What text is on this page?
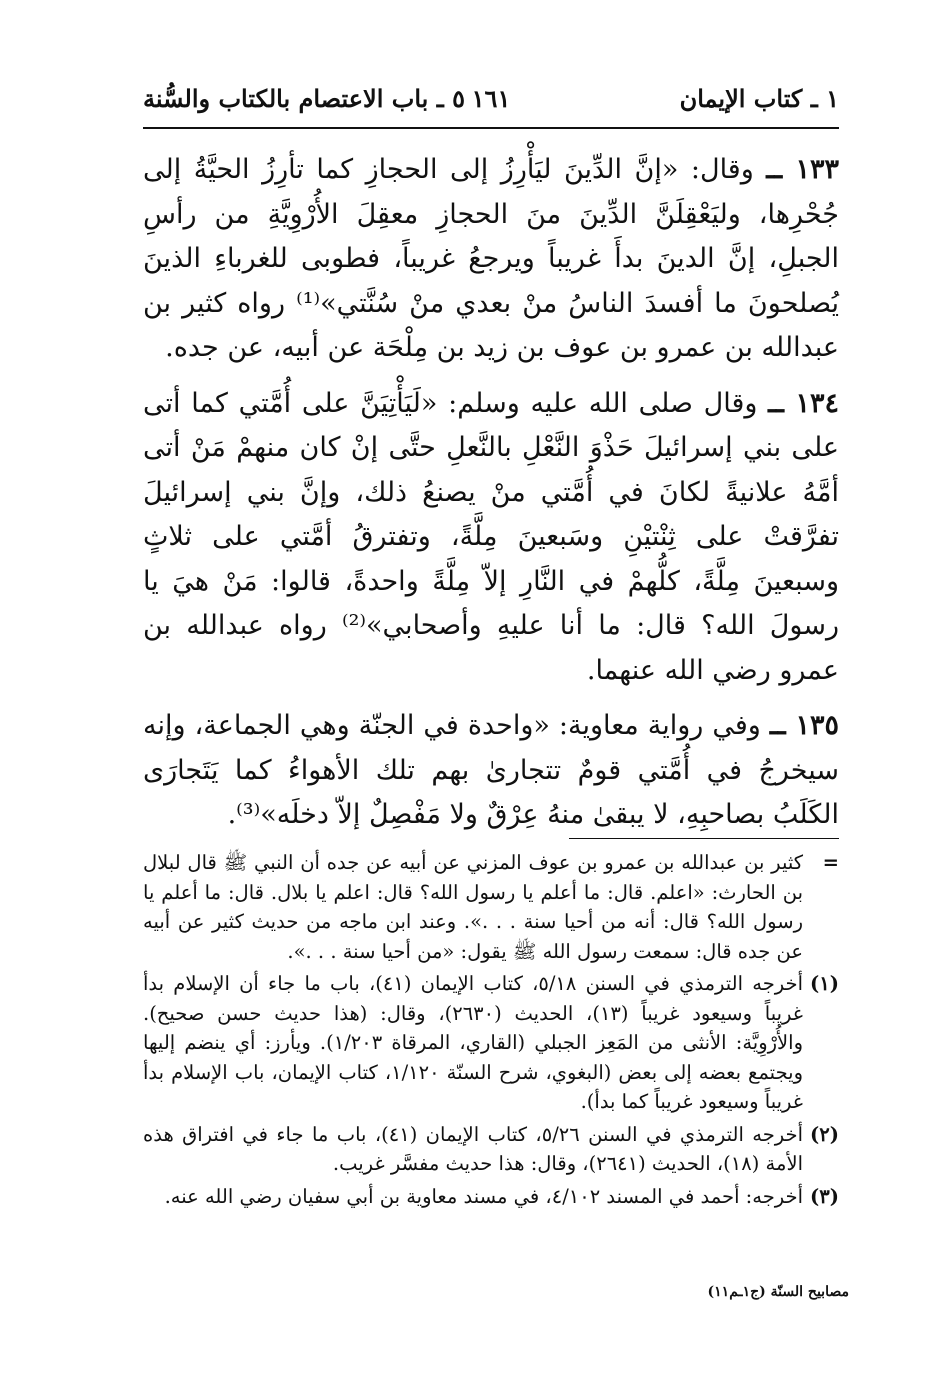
١ ـ كتاب الإيمان
١٦١
٥ ـ باب الاعتصام بالكتاب والسُّنة

١٣٣ ــ وقال: «إنَّ الدِّينَ ليَأْرِزُ إلى الحجازِ كما تأرِزُ الحيَّةُ إلى جُحْرِها، وليَعْقِلَنَّ الدِّينَ منَ الحجازِ معقِلَ الأُرْوِيَّةِ من رأسِ الجبلِ، إنَّ الدينَ بدأَ غريباً ويرجعُ غريباً، فطوبى للغرباءِ الذينَ يُصلحونَ ما أفسدَ الناسُ منْ بعدي منْ سُنَّتي»⁽¹⁾ رواه كثير بن عبدالله بن عمرو بن عوف بن زيد بن مِلْحَة عن أبيه، عن جده.

١٣٤ ــ وقال صلى الله عليه وسلم: «لَيَأْتِيَنَّ على أُمَّتي كما أتى على بني إسرائيلَ حَذْوَ النَّعْلِ بالنَّعلِ حتَّى إنْ كان منهمْ مَنْ أتى أمَّهُ علانيةً لكانَ في أُمَّتي منْ يصنعُ ذلك، وإنَّ بني إسرائيلَ تفرَّقتْ على ثِنْتيْنِ وسَبعينَ مِلَّةً، وتفترقُ أمَّتي على ثلاثٍ وسبعينَ مِلَّةً، كلُّهمْ في النَّارِ إلاّ مِلَّةً واحدةً، قالوا: مَنْ هيَ يا رسولَ الله؟ قال: ما أنا عليهِ وأصحابي»⁽²⁾ رواه عبدالله بن عمرو رضي الله عنهما.

١٣٥ ــ وفي رواية معاوية: «واحدة في الجنّة وهي الجماعة، وإنه سيخرجُ في أُمَّتي قومٌ تتجارىٰ بهم تلك الأهواءُ كما يَتَجارَى الكَلَبُ بصاحبِهِ، لا يبقىٰ منهُ عِرْقٌ ولا مَفْصِلٌ إلاّ دخلَه»⁽³⁾.

=
كثير بن عبدالله بن عمرو بن عوف المزني عن أبيه عن جده أن النبي ﷺ قال لبلال بن الحارث: «اعلم. قال: ما أعلم يا رسول الله؟ قال: اعلم يا بلال. قال: ما أعلم يا رسول الله؟ قال: أنه من أحيا سنة . . .». وعند ابن ماجه من حديث كثير عن أبيه عن جده قال: سمعت رسول الله ﷺ يقول: «من أحيا سنة . . .».
(١)
أخرجه الترمذي في السنن ٥/١٨، كتاب الإيمان (٤١)، باب ما جاء أن الإسلام بدأ غريباً وسيعود غريباً (١٣)، الحديث (٢٦٣٠)، وقال: (هذا حديث حسن صحيح). والأُرْوِيَّة: الأنثى من المَعِز الجبلي (القاري، المرقاة ١/٢٠٣). ويأرز: أي ينضم إليها ويجتمع بعضه إلى بعض (البغوي، شرح السنّة ١/١٢٠، كتاب الإيمان، باب الإسلام بدأ غريباً وسيعود غريباً كما بدأ).
(٢)
أخرجه الترمذي في السنن ٥/٢٦، كتاب الإيمان (٤١)، باب ما جاء في افتراق هذه الأمة (١٨)، الحديث (٢٦٤١)، وقال: هذا حديث مفسَّر غريب.
(٣)
أخرجه: أحمد في المسند ٤/١٠٢، في مسند معاوية بن أبي سفيان رضي الله عنه.
مصابيح السنّة (ج١ـم١١)
